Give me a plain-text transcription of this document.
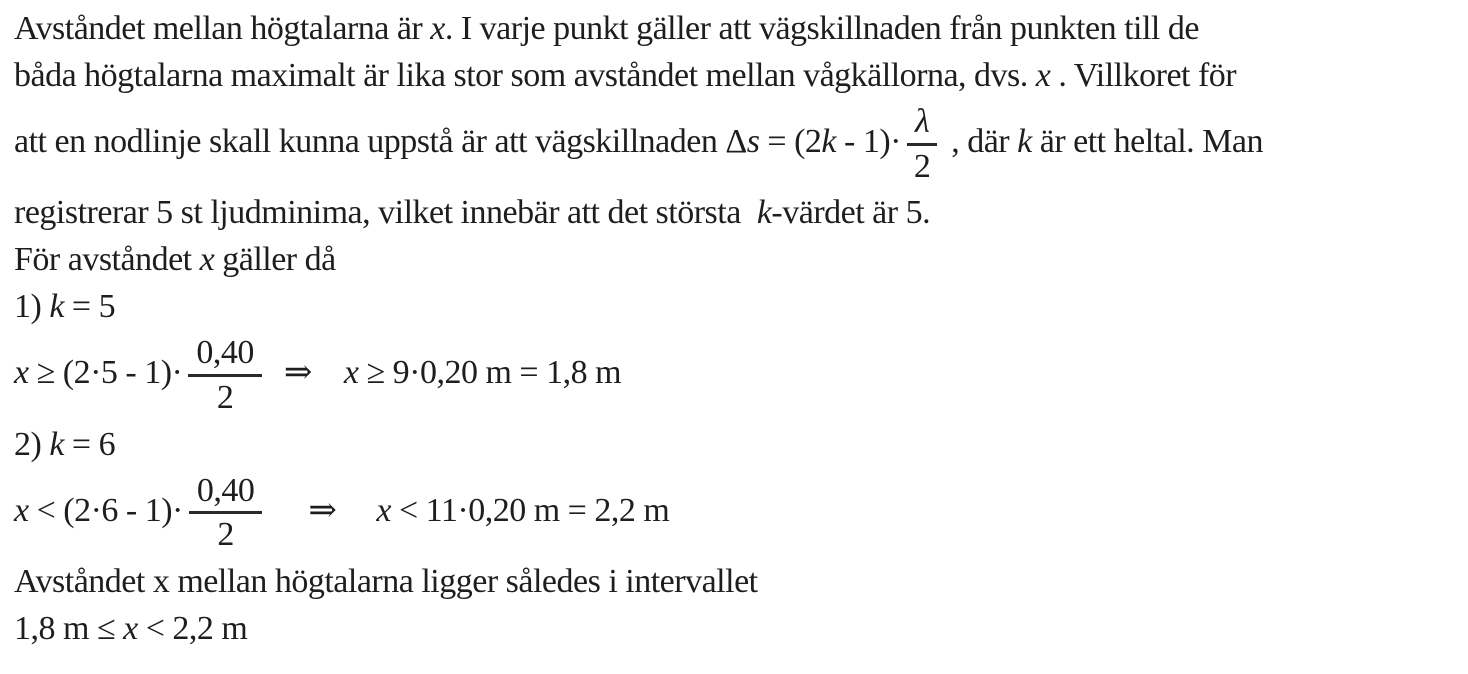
Avståndet mellan högtalarna är x. I varje punkt gäller att vägskillnaden från punkten till de
båda högtalarna maximalt är lika stor som avståndet mellan vågkällorna, dvs. x . Villkoret för
att en nodlinje skall kunna uppstå är att vägskillnaden $\Delta s = (2k - 1)\cdot \frac{\lambda}{2}$ , där k är ett heltal. Man
registrerar 5 st ljudminima, vilket innebär att det största  k-värdet är 5.
För avståndet x gäller då
1) k = 5
$x \ge (2\cdot 5 - 1)\cdot \frac{0,40}{2}$ ⇒    x ≥ 9·0,20 m = 1,8 m
2) k = 6
$x < (2\cdot 6 - 1)\cdot \frac{0,40}{2}$ ⇒     x < 11·0,20 m = 2,2 m
Avståndet x mellan högtalarna ligger således i intervallet
1,8 m ≤ x < 2,2 m
